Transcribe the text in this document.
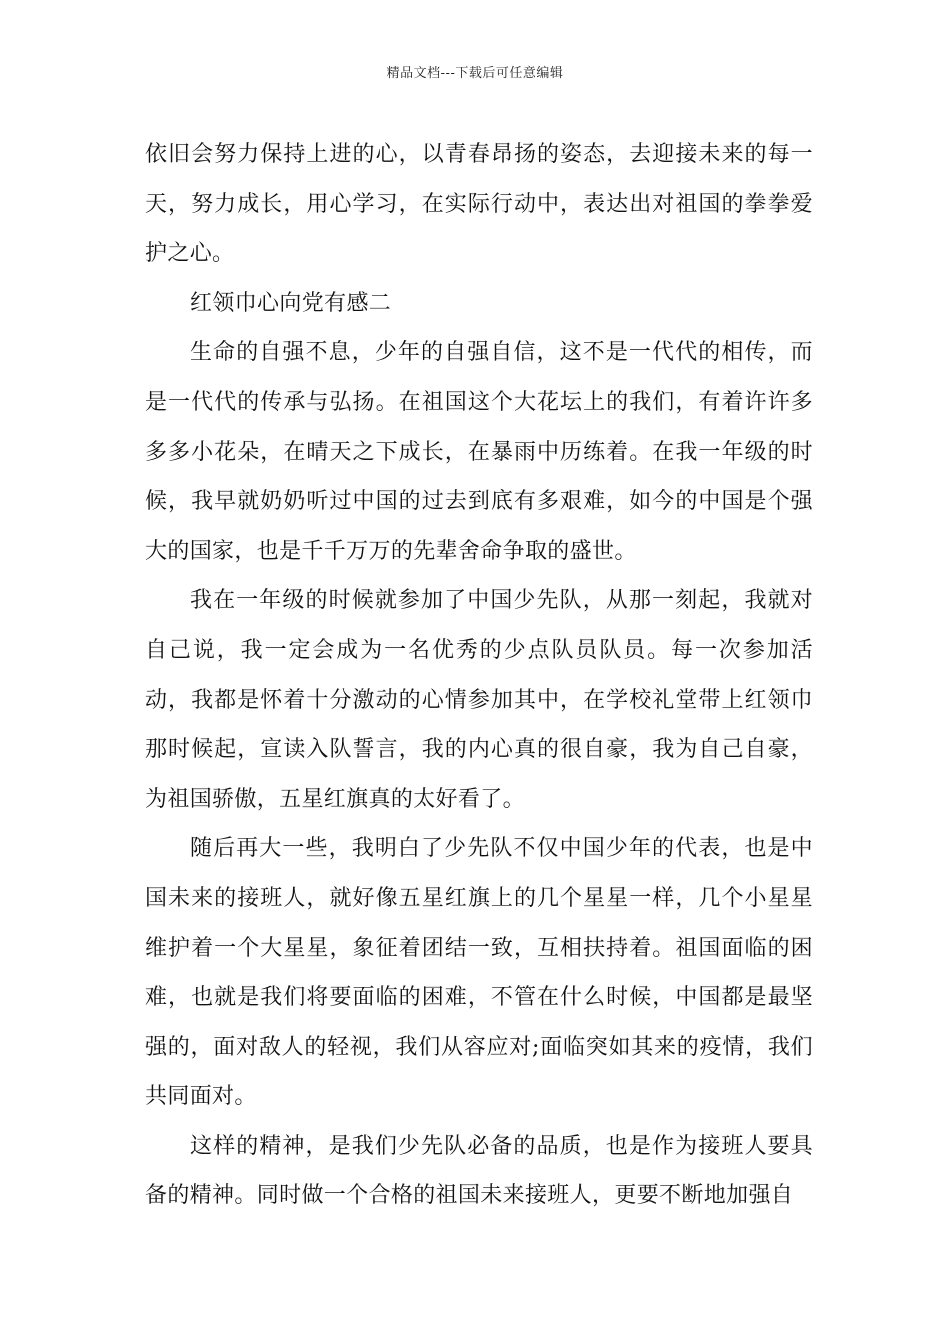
精品文档---下载后可任意编辑

依旧会努力保持上进的心，以青春昂扬的姿态，去迎接未来的每一天，努力成长，用心学习，在实际行动中，表达出对祖国的拳拳爱护之心。

红领巾心向党有感二

生命的自强不息，少年的自强自信，这不是一代代的相传，而是一代代的传承与弘扬。在祖国这个大花坛上的我们，有着许许多多多小花朵，在晴天之下成长，在暴雨中历练着。在我一年级的时候，我早就奶奶听过中国的过去到底有多艰难，如今的中国是个强大的国家，也是千千万万的先辈舍命争取的盛世。

我在一年级的时候就参加了中国少先队，从那一刻起，我就对自己说，我一定会成为一名优秀的少点队员队员。每一次参加活动，我都是怀着十分激动的心情参加其中，在学校礼堂带上红领巾那时候起，宣读入队誓言，我的内心真的很自豪，我为自己自豪，为祖国骄傲，五星红旗真的太好看了。

随后再大一些，我明白了少先队不仅中国少年的代表，也是中国未来的接班人，就好像五星红旗上的几个星星一样，几个小星星维护着一个大星星，象征着团结一致，互相扶持着。祖国面临的困难，也就是我们将要面临的困难，不管在什么时候，中国都是最坚强的，面对敌人的轻视，我们从容应对;面临突如其来的疫情，我们共同面对。

这样的精神，是我们少先队必备的品质，也是作为接班人要具备的精神。同时做一个合格的祖国未来接班人，更要不断地加强自
